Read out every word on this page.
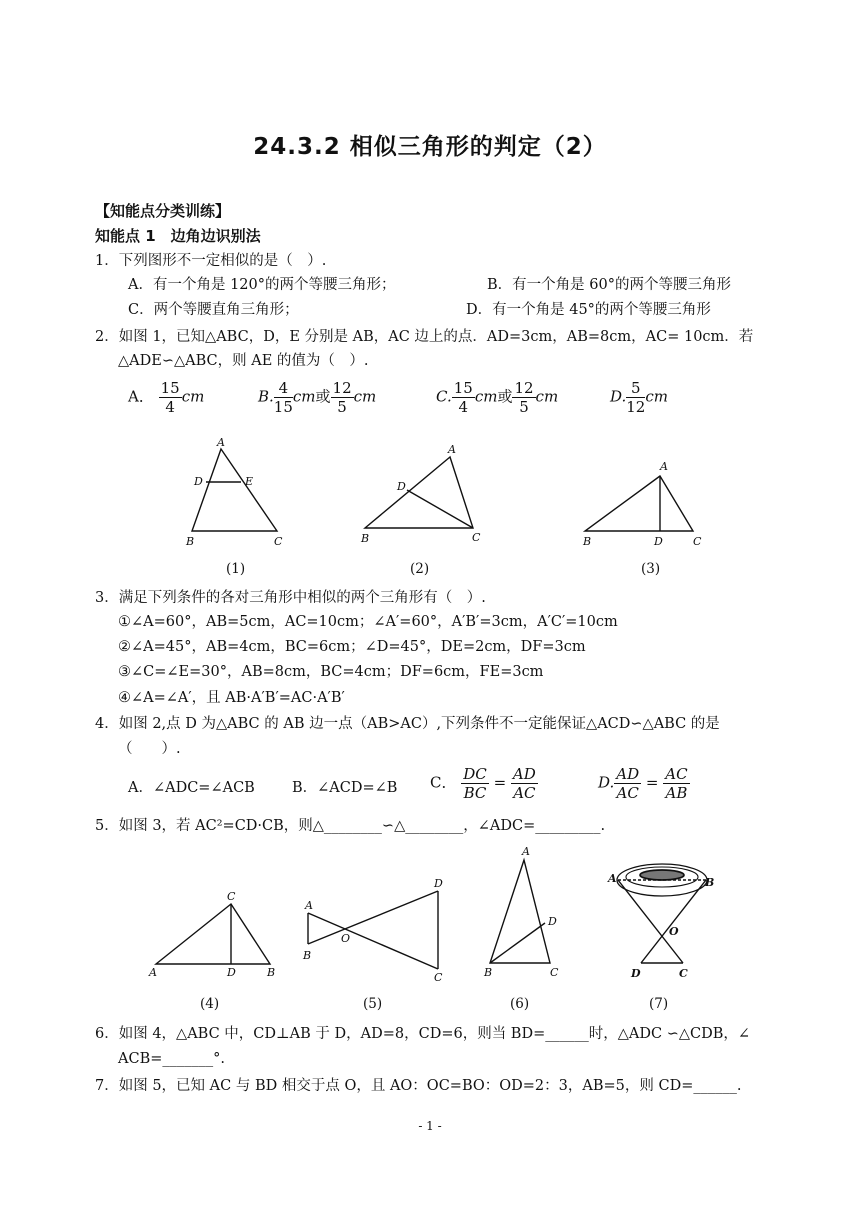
24.3.2 相似三角形的判定（2）
【知能点分类训练】
知能点 1　边角边识别法
1．下列图形不一定相似的是（　）.
A．有一个角是 120°的两个等腰三角形；	B．有一个角是 60°的两个等腰三角形
C．两个等腰直角三角形；	D．有一个角是 45°的两个等腰三角形
2．如图 1，已知△ABC，D，E 分别是 AB，AC 边上的点．AD=3cm，AB=8cm，AC= 10cm．若
△ADE∽△ABC，则 AE 的值为（　）.
A． $\frac{15}{4}$ cm	B. $\frac{4}{15}$ cm或 $\frac{12}{5}$ cm	C. $\frac{15}{4}$ cm或 $\frac{12}{5}$ cm	D. $\frac{5}{12}$ cm
A
D	E
B	C
(1)
A
D
B	C
(2)
A
B	D	C
(3)
3．满足下列条件的各对三角形中相似的两个三角形有（　）.
①∠A=60°，AB=5cm，AC=10cm；∠A′=60°，A′B′=3cm，A′C′=10cm
②∠A=45°，AB=4cm，BC=6cm；∠D=45°，DE=2cm，DF=3cm
③∠C=∠E=30°，AB=8cm，BC=4cm；DF=6cm，FE=3cm
④∠A=∠A′，且 AB·A′B′=AC·A′B′
4．如图 2,点 D 为△ABC 的 AB 边一点（AB>AC）,下列条件不一定能保证△ACD∽△ABC 的是
（　　）.
A．∠ADC=∠ACB	B．∠ACD=∠B C． $\frac{DC}{BC} = \frac{AD}{AC}$	D. $\frac{AD}{AC} = \frac{AC}{AB}$
5．如图 3，若 AC²=CD·CB，则△________∽△________，∠ADC=_________.
C
A	D	B
(4)
A
B
O
D
C
(5)
A
D
B	C
(6)
A	B
O
D	C
(7)
6．如图 4，△ABC 中，CD⊥AB 于 D，AD=8，CD=6，则当 BD=______时，△ADC ∽△CDB，∠
ACB=_______°.
7．如图 5，已知 AC 与 BD 相交于点 O，且 AO：OC=BO：OD=2：3，AB=5，则 CD=______.
- 1 -
